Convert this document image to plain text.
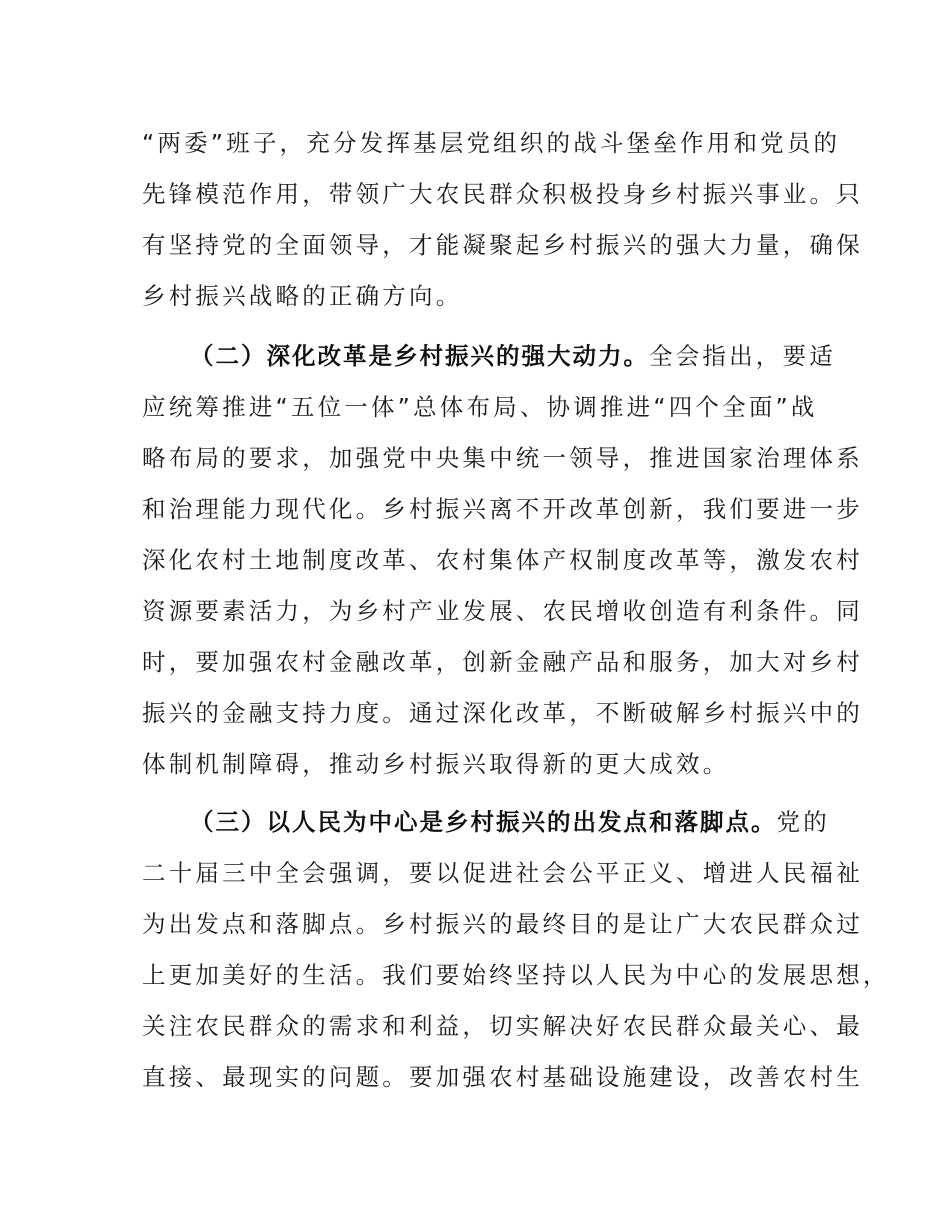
“两委”班子，充分发挥基层党组织的战斗堡垒作用和党员的
先锋模范作用，带领广大农民群众积极投身乡村振兴事业。只
有坚持党的全面领导，才能凝聚起乡村振兴的强大力量，确保
乡村振兴战略的正确方向。
（二）深化改革是乡村振兴的强大动力。全会指出，要适
应统筹推进“五位一体”总体布局、协调推进“四个全面”战
略布局的要求，加强党中央集中统一领导，推进国家治理体系
和治理能力现代化。乡村振兴离不开改革创新，我们要进一步
深化农村土地制度改革、农村集体产权制度改革等，激发农村
资源要素活力，为乡村产业发展、农民增收创造有利条件。同
时，要加强农村金融改革，创新金融产品和服务，加大对乡村
振兴的金融支持力度。通过深化改革，不断破解乡村振兴中的
体制机制障碍，推动乡村振兴取得新的更大成效。
（三）以人民为中心是乡村振兴的出发点和落脚点。党的
二十届三中全会强调，要以促进社会公平正义、增进人民福祉
为出发点和落脚点。乡村振兴的最终目的是让广大农民群众过
上更加美好的生活。我们要始终坚持以人民为中心的发展思想，
关注农民群众的需求和利益，切实解决好农民群众最关心、最
直接、最现实的问题。要加强农村基础设施建设，改善农村生
